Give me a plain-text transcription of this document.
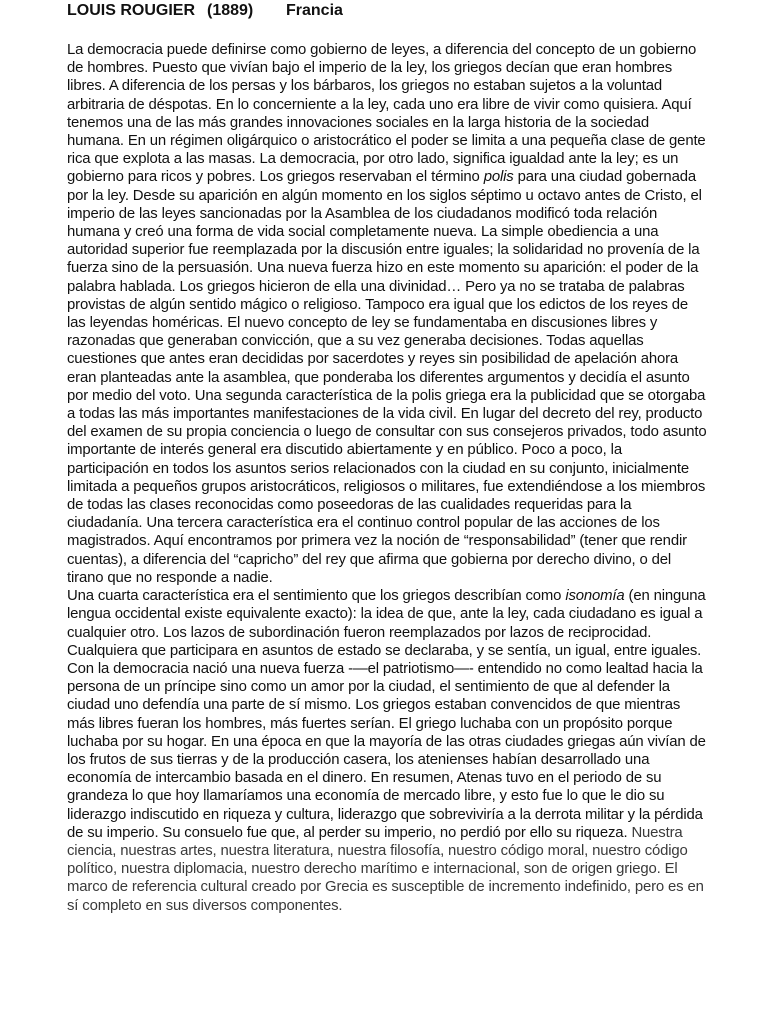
LOUIS ROUGIER (1889) Francia
La democracia puede definirse como gobierno de leyes, a diferencia del concepto de un gobierno de hombres. Puesto que vivían bajo el imperio de la ley, los griegos decían que eran hombres libres. A diferencia de los persas y los bárbaros, los griegos no estaban sujetos a la voluntad arbitraria de déspotas. En lo concerniente a la ley, cada uno era libre de vivir como quisiera. Aquí tenemos una de las más grandes innovaciones sociales en la larga historia de la sociedad humana. En un régimen oligárquico o aristocrático el poder se limita a una pequeña clase de gente rica que explota a las masas. La democracia, por otro lado, significa igualdad ante la ley; es un gobierno para ricos y pobres. Los griegos reservaban el término polis para una ciudad gobernada por la ley. Desde su aparición en algún momento en los siglos séptimo u octavo antes de Cristo, el imperio de las leyes sancionadas por la Asamblea de los ciudadanos modificó toda relación humana y creó una forma de vida social completamente nueva. La simple obediencia a una autoridad superior fue reemplazada por la discusión entre iguales; la solidaridad no provenía de la fuerza sino de la persuasión. Una nueva fuerza hizo en este momento su aparición: el poder de la palabra hablada. Los griegos hicieron de ella una divinidad… Pero ya no se trataba de palabras provistas de algún sentido mágico o religioso. Tampoco era igual que los edictos de los reyes de las leyendas homéricas. El nuevo concepto de ley se fundamentaba en discusiones libres y razonadas que generaban convicción, que a su vez generaba decisiones. Todas aquellas cuestiones que antes eran decididas por sacerdotes y reyes sin posibilidad de apelación ahora eran planteadas ante la asamblea, que ponderaba los diferentes argumentos y decidía el asunto por medio del voto. Una segunda característica de la polis griega era la publicidad que se otorgaba a todas las más importantes manifestaciones de la vida civil. En lugar del decreto del rey, producto del examen de su propia conciencia o luego de consultar con sus consejeros privados, todo asunto importante de interés general era discutido abiertamente y en público. Poco a poco, la participación en todos los asuntos serios relacionados con la ciudad en su conjunto, inicialmente limitada a pequeños grupos aristocráticos, religiosos o militares, fue extendiéndose a los miembros de todas las clases reconocidas como poseedoras de las cualidades requeridas para la ciudadanía. Una tercera característica era el continuo control popular de las acciones de los magistrados. Aquí encontramos por primera vez la noción de “responsabilidad” (tener que rendir cuentas), a diferencia del “capricho” del rey que afirma que gobierna por derecho divino, o del tirano que no responde a nadie.
Una cuarta característica era el sentimiento que los griegos describían como isonomía (en ninguna lengua occidental existe equivalente exacto): la idea de que, ante la ley, cada ciudadano es igual a cualquier otro. Los lazos de subordinación fueron reemplazados por lazos de reciprocidad. Cualquiera que participara en asuntos de estado se declaraba, y se sentía, un igual, entre iguales. Con la democracia nació una nueva fuerza -—el patriotismo—- entendido no como lealtad hacia la persona de un príncipe sino como un amor por la ciudad, el sentimiento de que al defender la ciudad uno defendía una parte de sí mismo. Los griegos estaban convencidos de que mientras más libres fueran los hombres, más fuertes serían. El griego luchaba con un propósito porque luchaba por su hogar. En una época en que la mayoría de las otras ciudades griegas aún vivían de los frutos de sus tierras y de la producción casera, los atenienses habían desarrollado una economía de intercambio basada en el dinero. En resumen, Atenas tuvo en el periodo de su grandeza lo que hoy llamaríamos una economía de mercado libre, y esto fue lo que le dio su liderazgo indiscutido en riqueza y cultura, liderazgo que sobreviviría a la derrota militar y la pérdida de su imperio. Su consuelo fue que, al perder su imperio, no perdió por ello su riqueza. Nuestra ciencia, nuestras artes, nuestra literatura, nuestra filosofía, nuestro código moral, nuestro código político, nuestra diplomacia, nuestro derecho marítimo e internacional, son de origen griego. El marco de referencia cultural creado por Grecia es susceptible de incremento indefinido, pero es en sí completo en sus diversos componentes.
